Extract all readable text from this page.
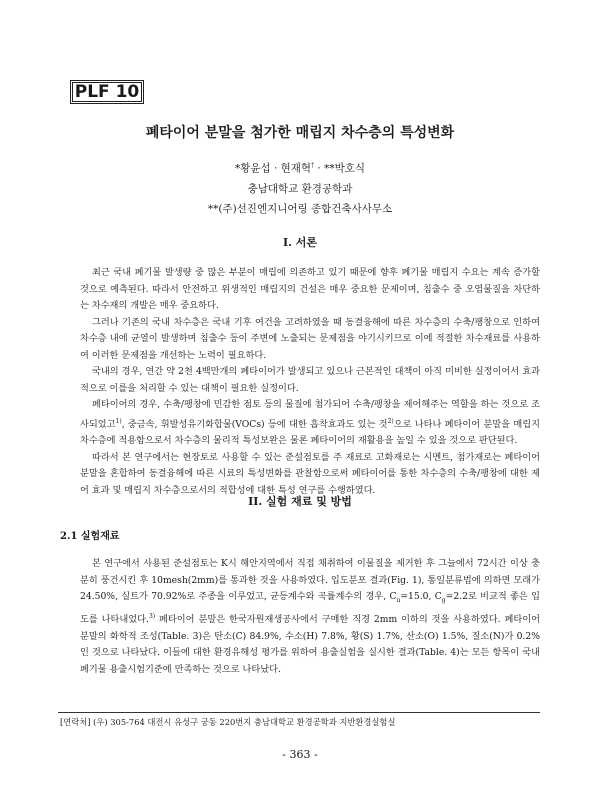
PLF 10
폐타이어 분말을 첨가한 매립지 차수층의 특성변화
*황윤섭 · 현재혁† · **박호식
충남대학교 환경공학과
**(주)선진엔지니어링 종합건축사사무소
I. 서론

최근 국내 폐기물 발생량 중 많은 부분이 매립에 의존하고 있기 때문에 향후 폐기물 매립지 수요는 계속 증가할 것으로 예측된다. 따라서 안전하고 위생적인 매립지의 건설은 매우 중요한 문제이며, 침출수 중 오염물질을 차단하는 차수재의 개발은 매우 중요하다.

그러나 기존의 국내 차수층은 국내 기후 여건을 고려하였을 때 동결융해에 따른 차수층의 수축/팽창으로 인하여 차수층 내에 균열이 발생하며 침출수 등이 주변에 노출되는 문제점을 야기시키므로 이에 적절한 차수재료를 사용하여 이러한 문제점을 개선하는 노력이 필요하다.

국내의 경우, 연간 약 2천 4백만개의 폐타이어가 발생되고 있으나 근본적인 대책이 아직 미비한 실정이어서 효과적으로 이를을 처리할 수 있는 대책이 필요한 실정이다.

폐타이어의 경우, 수축/팽창에 민감한 점토 등의 물질에 첨가되어 수축/팽창을 제어해주는 역할을 하는 것으로 조사되었고$^{1)}$, 중금속, 휘발성유기화합물(VOCs) 등에 대한 흡착효과도 있는 것$^{2)}$으로 나타나 폐타이어 분말을 매립지 차수층에 적용함으로서 차수층의 물리적 특성보완은 물론 폐타이어의 재활용을 높일 수 있을 것으로 판단된다.

따라서 본 연구에서는 현장토로 사용할 수 있는 준설점토를 주 재료로 고화재로는 시멘트, 첨가재로는 폐타이어 분말을 혼합하여 동결융해에 따른 시료의 특성변화를 관찰함으로써 폐타이어를 통한 차수층의 수축/팽창에 대한 제어 효과 및 매립지 차수층으로서의 적합성에 대한 특성 연구를 수행하였다.

II. 실험 재료 및 방법
2.1 실험재료

본 연구에서 사용된 준설점토는 K시 해안지역에서 직접 채취하여 이물질을 제거한 후 그늘에서 72시간 이상 충분히 풍건시킨 후 10mesh(2mm)를 통과한 것을 사용하였다. 입도분포 결과(Fig. 1), 통일분류법에 의하면 모래가 24.50%, 실트가 70.92%로 주종을 이루었고, 균등계수와 곡률계수의 경우, $C_u=15.0$, $C_g=2.2$로 비교적 좋은 입도를 나타내었다.$^{3)}$ 폐타이어 분말은 한국자원재생공사에서 구매한 직경 2mm 이하의 것을 사용하였다. 폐타이어 분말의 화학적 조성(Table. 3)은 탄소(C) 84.9%, 수소(H) 7.8%, 황(S) 1.7%, 산소(O) 1.5%, 질소(N)가 0.2% 인 것으로 나타났다. 이들에 대한 환경유해성 평가를 위하여 용출실험을 실시한 결과(Table. 4)는 모든 항목이 국내 폐기물 용출시험기준에 만족하는 것으로 나타났다.

[연락처] (우) 305-764 대전시 유성구 궁동 220번지 충남대학교 환경공학과 지반환경실험실
- 363 -
